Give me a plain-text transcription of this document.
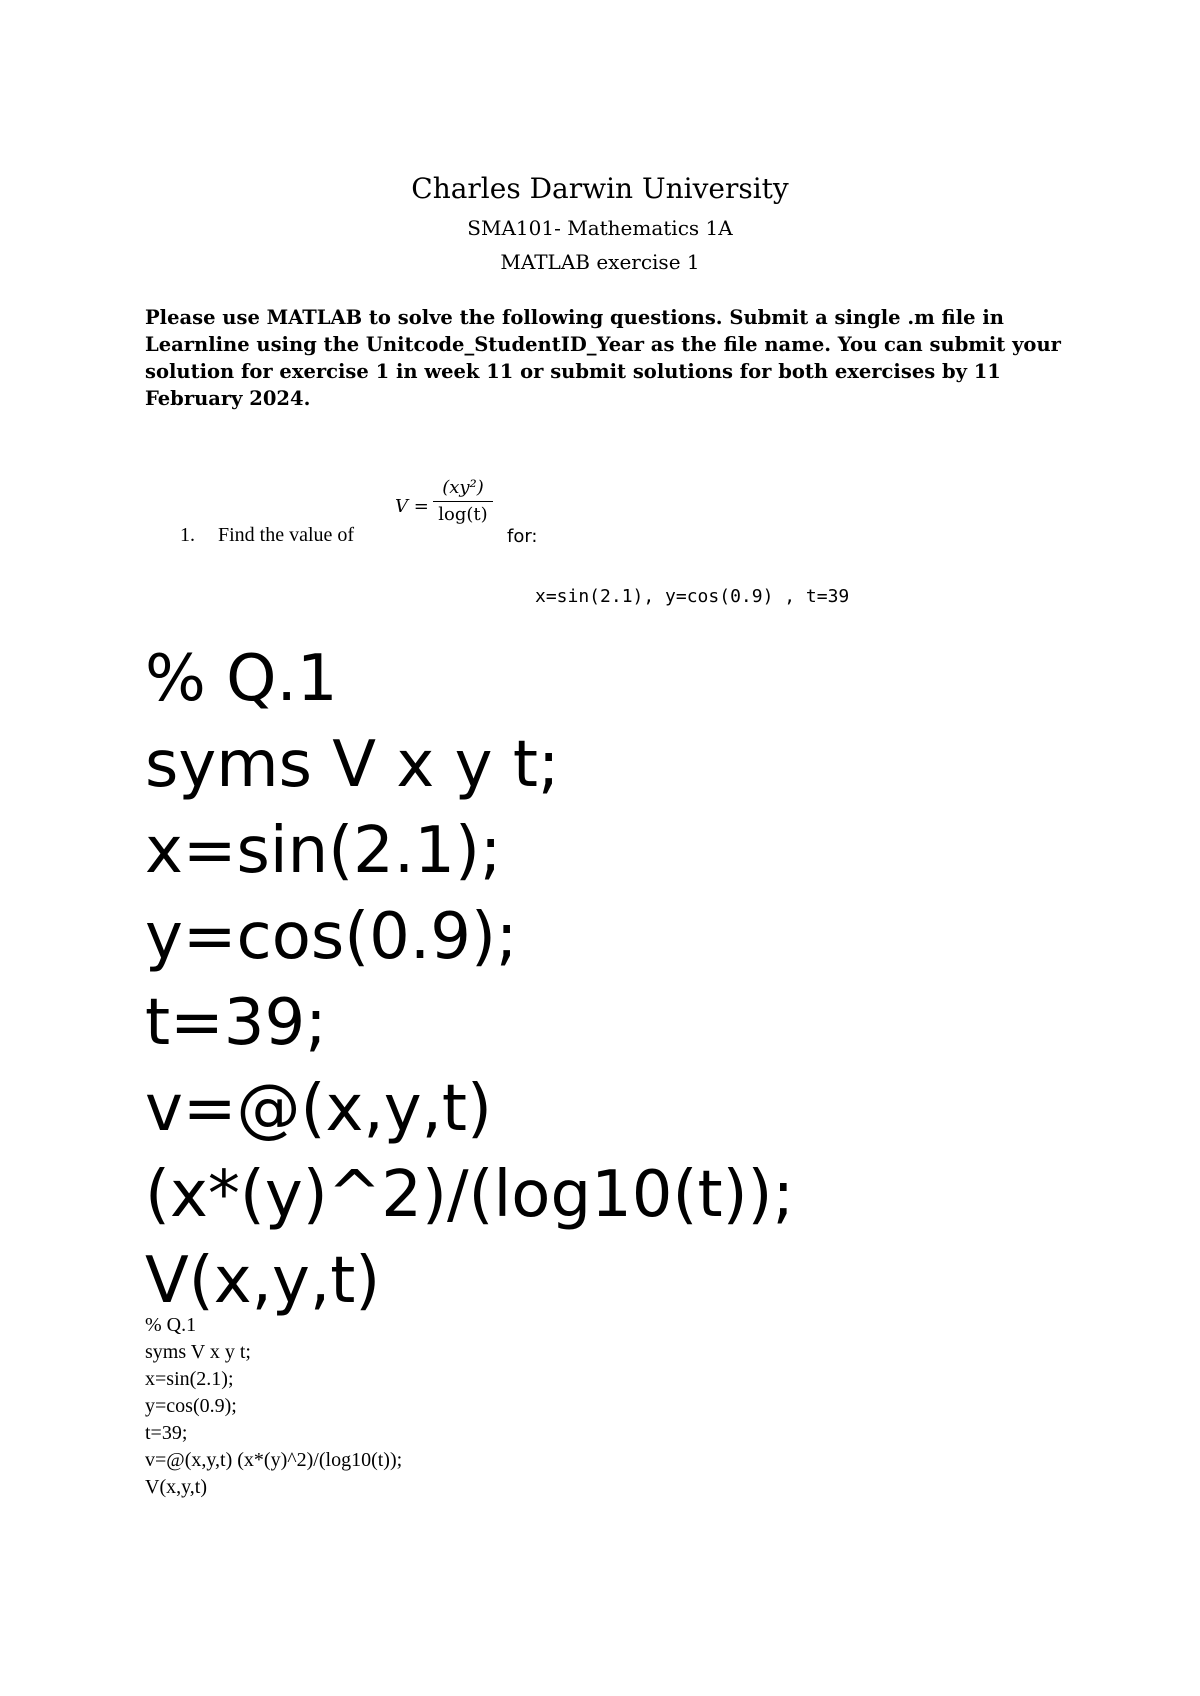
Charles Darwin University
SMA101- Mathematics 1A
MATLAB exercise 1
Please use MATLAB to solve the following questions. Submit a single .m file in Learnline using the Unitcode_StudentID_Year as the file name. You can submit your solution for exercise 1 in week 11 or submit solutions for both exercises by 11 February 2024.
V =
(xy²)
log(t)
1. Find the value of	for:
x=sin(2.1), y=cos(0.9) , t=39
% Q.1
syms V x y t;
x=sin(2.1);
y=cos(0.9);
t=39;
v=@(x,y,t)
(x*(y)^2)/(log10(t));
V(x,y,t)
% Q.1
syms V x y t;
x=sin(2.1);
y=cos(0.9);
t=39;
v=@(x,y,t) (x*(y)^2)/(log10(t));
V(x,y,t)
